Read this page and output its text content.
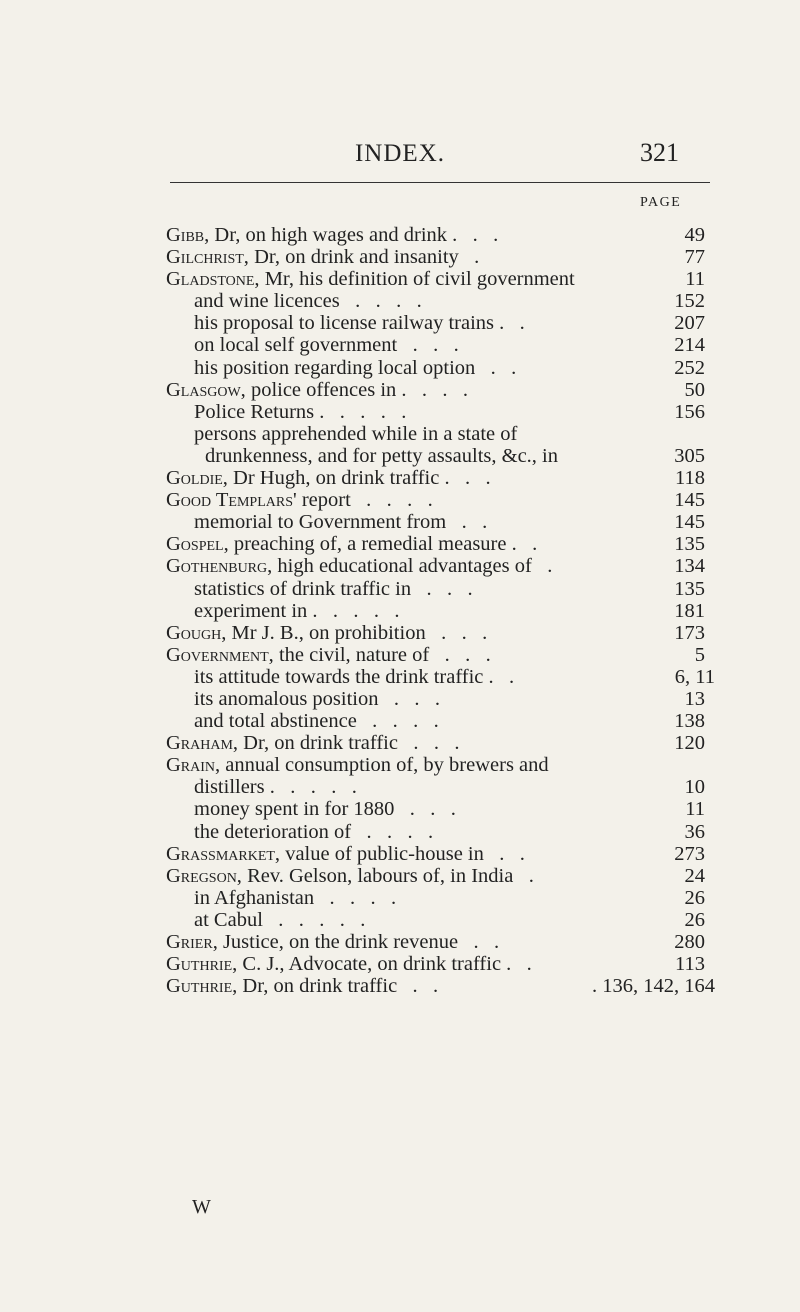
INDEX.	321
PAGE
Gibb, Dr, on high wages and drink .   .   .	49
Gilchrist, Dr, on drink and insanity   .	77
Gladstone, Mr, his definition of civil government	11
and wine licences   .   .   .   .	152
his proposal to license railway trains .   .	207
on local self government   .   .   .	214
his position regarding local option   .   .	252
Glasgow, police offences in .   .   .   .	50
Police Returns .   .   .   .   .	156
persons apprehended while in a state of
drunkenness, and for petty assaults, &c., in	305
Goldie, Dr Hugh, on drink traffic .   .   .	118
Good Templars' report   .   .   .   .	145
memorial to Government from   .   .	145
Gospel, preaching of, a remedial measure .   .	135
Gothenburg, high educational advantages of   .	134
statistics of drink traffic in   .   .   .	135
experiment in .   .   .   .   .	181
Gough, Mr J. B., on prohibition   .   .   .	173
Government, the civil, nature of   .   .   .	5
its attitude towards the drink traffic .   .	6, 11
its anomalous position   .   .   .	13
and total abstinence   .   .   .   .	138
Graham, Dr, on drink traffic   .   .   .	120
Grain, annual consumption of, by brewers and
distillers .   .   .   .   .	10
money spent in for 1880   .   .   .	11
the deterioration of   .   .   .   .	36
Grassmarket, value of public-house in   .   .	273
Gregson, Rev. Gelson, labours of, in India   .	24
in Afghanistan   .   .   .   .	26
at Cabul   .   .   .   .   .	26
Grier, Justice, on the drink revenue   .   .	280
Guthrie, C. J., Advocate, on drink traffic .   .	113
Guthrie, Dr, on drink traffic   .   .	. 136, 142, 164
W
